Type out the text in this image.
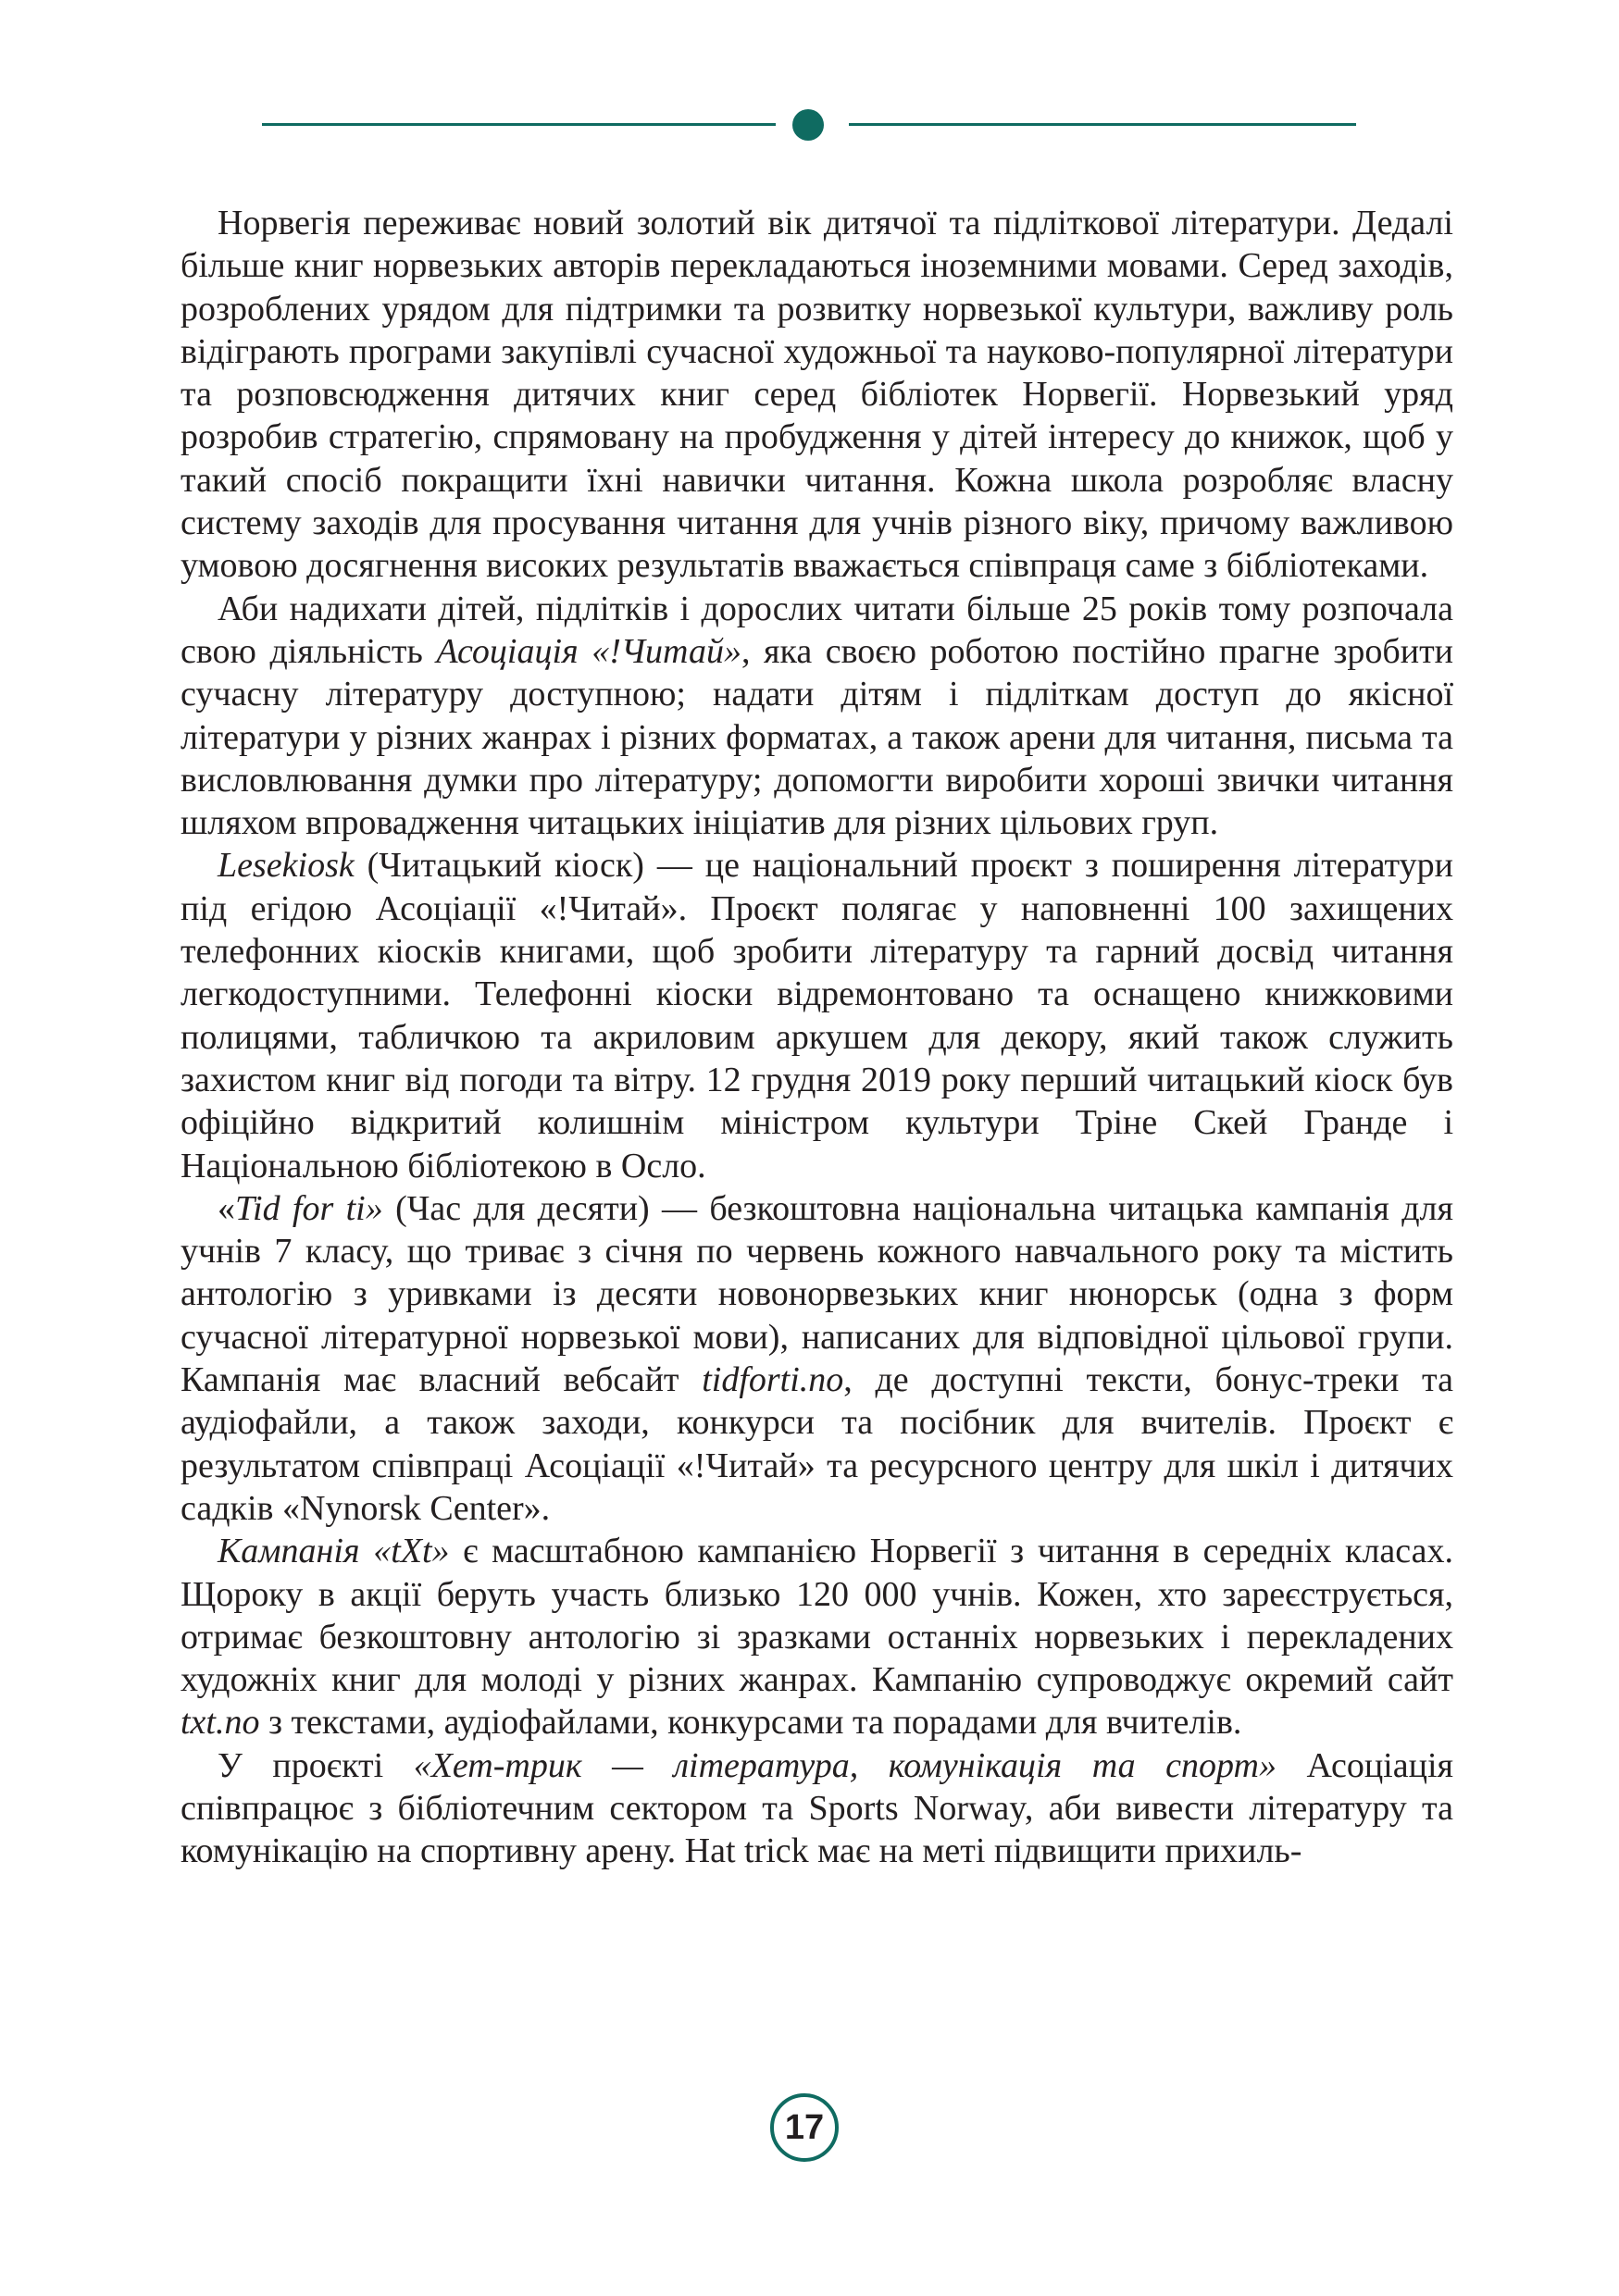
Норвегія переживає новий золотий вік дитячої та підліткової літератури. Дедалі більше книг норвезьких авторів перекладаються іноземними мовами. Серед заходів, розроблених урядом для підтримки та розвитку норвезької культури, важливу роль відіграють програми закупівлі сучасної художньої та науково-популярної літератури та розповсюдження дитячих книг серед бібліотек Норвегії. Норвезький уряд розробив стратегію, спрямовану на пробудження у дітей інтересу до книжок, щоб у такий спосіб покращити їхні навички читання. Кожна школа розробляє власну систему заходів для просування читання для учнів різного віку, причому важливою умовою досягнення високих результатів вважається співпраця саме з бібліотеками.

Аби надихати дітей, підлітків і дорослих читати більше 25 років тому розпочала свою діяльність Асоціація «!Читай», яка своєю роботою постійно прагне зробити сучасну літературу доступною; надати дітям і підліткам доступ до якісної літератури у різних жанрах і різних форматах, а також арени для читання, письма та висловлювання думки про літературу; допомогти виробити хороші звички читання шляхом впровадження читацьких ініціатив для різних цільових груп.

Lesekiosk (Читацький кіоск) — це національний проєкт з поширення літератури під егідою Асоціації «!Читай». Проєкт полягає у наповненні 100 захищених телефонних кіосків книгами, щоб зробити літературу та гарний досвід читання легкодоступними. Телефонні кіоски відремонтовано та оснащено книжковими полицями, табличкою та акриловим аркушем для декору, який також служить захистом книг від погоди та вітру. 12 грудня 2019 року перший читацький кіоск був офіційно відкритий колишнім міністром культури Тріне Скей Гранде і Національною бібліотекою в Осло.

«Tid for ti» (Час для десяти) — безкоштовна національна читацька кампанія для учнів 7 класу, що триває з січня по червень кожного навчального року та містить антологію з уривками із десяти новонорвезьких книг нюнорськ (одна з форм сучасної літературної норвезької мови), написаних для відповідної цільової групи. Кампанія має власний вебсайт tidforti.no, де доступні тексти, бонус-треки та аудіофайли, а також заходи, конкурси та посібник для вчителів. Проєкт є результатом співпраці Асоціації «!Читай» та ресурсного центру для шкіл і дитячих садків «Nynorsk Center».

Кампанія «tXt» є масштабною кампанією Норвегії з читання в середніх класах. Щороку в акції беруть участь близько 120 000 учнів. Кожен, хто зареєструється, отримає безкоштовну антологію зі зразками останніх норвезьких і перекладених художніх книг для молоді у різних жанрах. Кампанію супроводжує окремий сайт txt.no з текстами, аудіофайлами, конкурсами та порадами для вчителів.

У проєкті «Хет-трик — література, комунікація та спорт» Асоціація співпрацює з бібліотечним сектором та Sports Norway, аби вивести літературу та комунікацію на спортивну арену. Hat trick має на меті підвищити прихиль-

17
